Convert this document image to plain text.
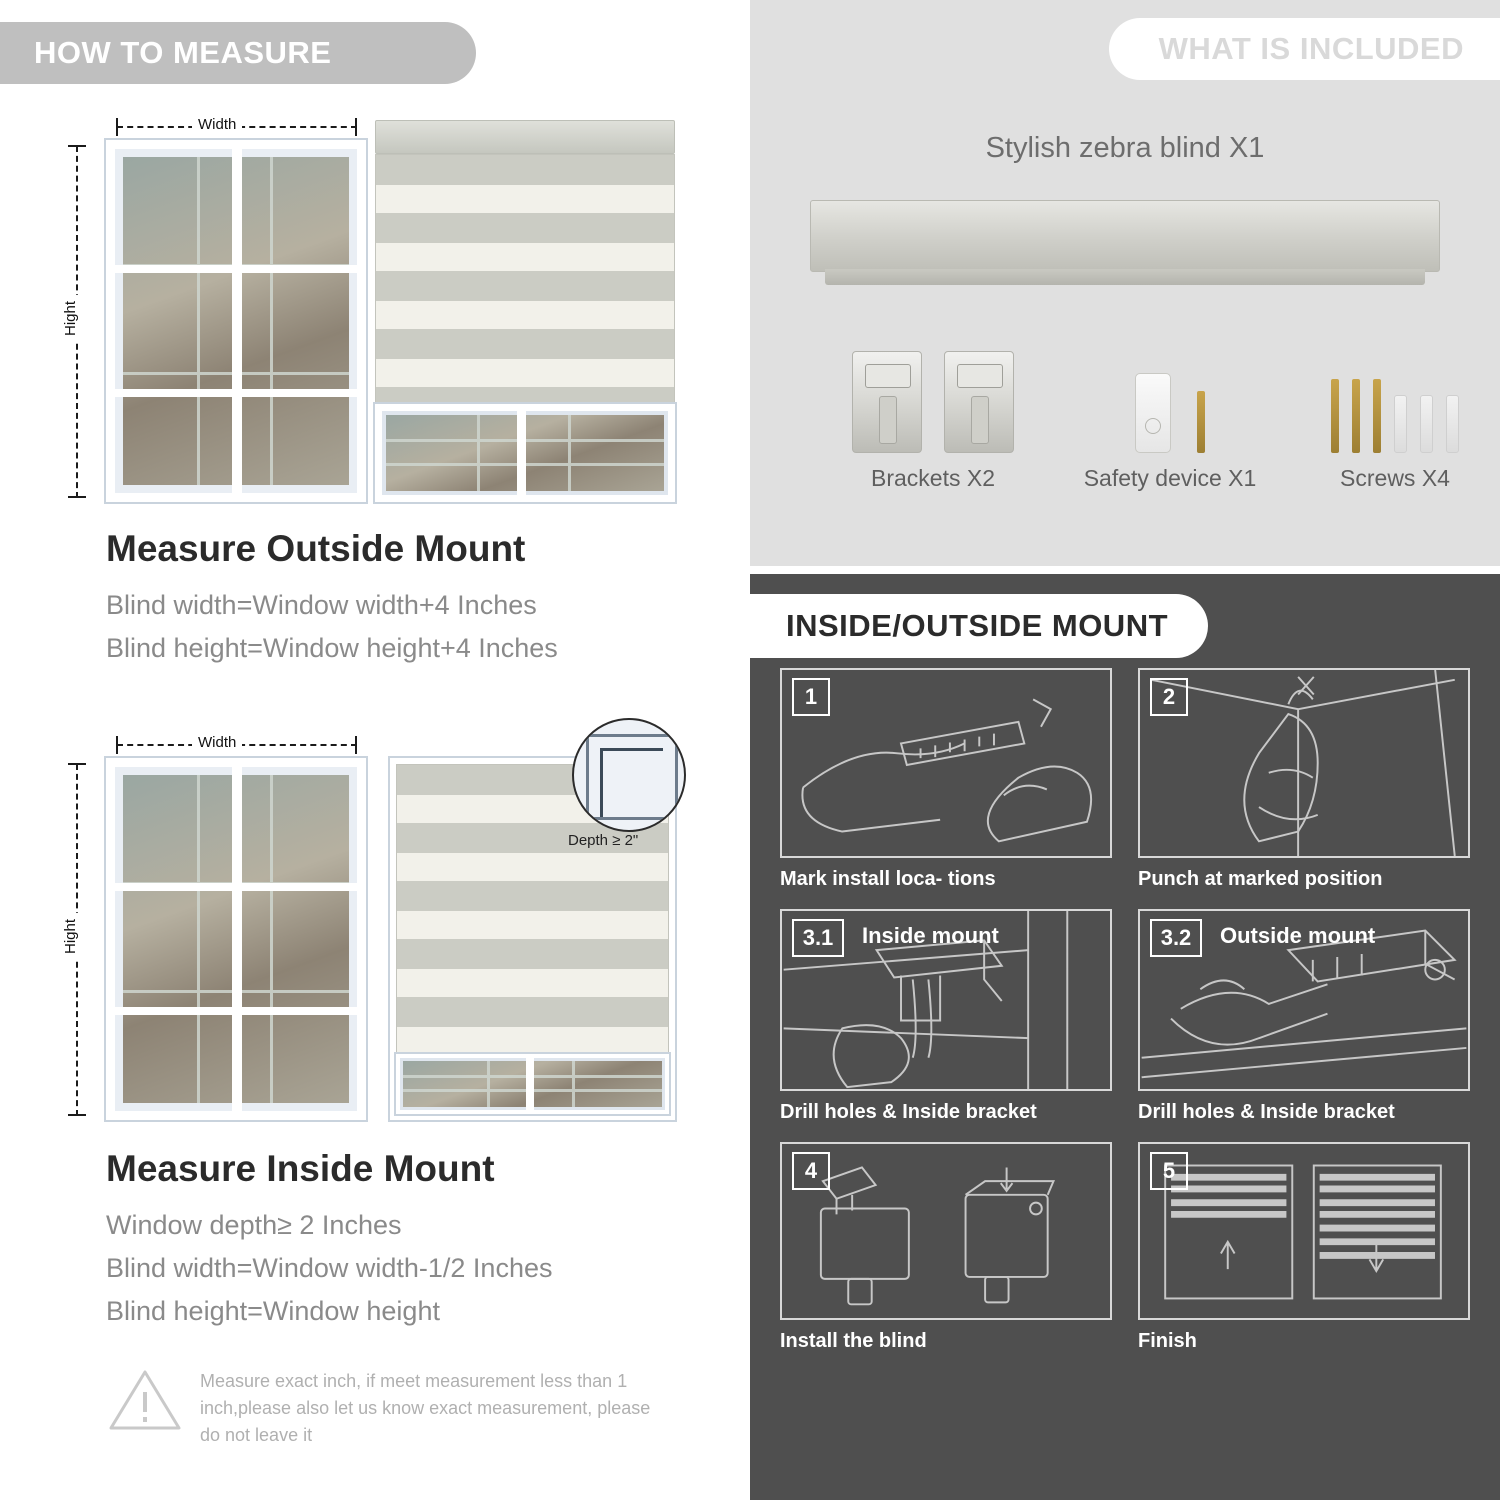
HOW TO MEASURE
Width
Hight
Measure Outside Mount
Blind width=Window width+4 Inches
Blind height=Window height+4 Inches
Width
Hight
Depth ≥ 2"
Measure Inside Mount
Window depth≥ 2 Inches
Blind width=Window width-1/2 Inches
Blind height=Window height

Measure exact inch, if meet measurement less than 1 inch,please also let us know exact measurement, please do not leave it

WHAT IS INCLUDED
Stylish zebra blind X1
Brackets X2	Safety device X1	Screws X4
INSIDE/OUTSIDE MOUNT
1
Mark install loca- tions
2
Punch at marked position
3.1	Inside mount
Drill holes & Inside bracket
3.2	Outside mount
Drill holes & Inside bracket
4
Install the blind
5
Finish
